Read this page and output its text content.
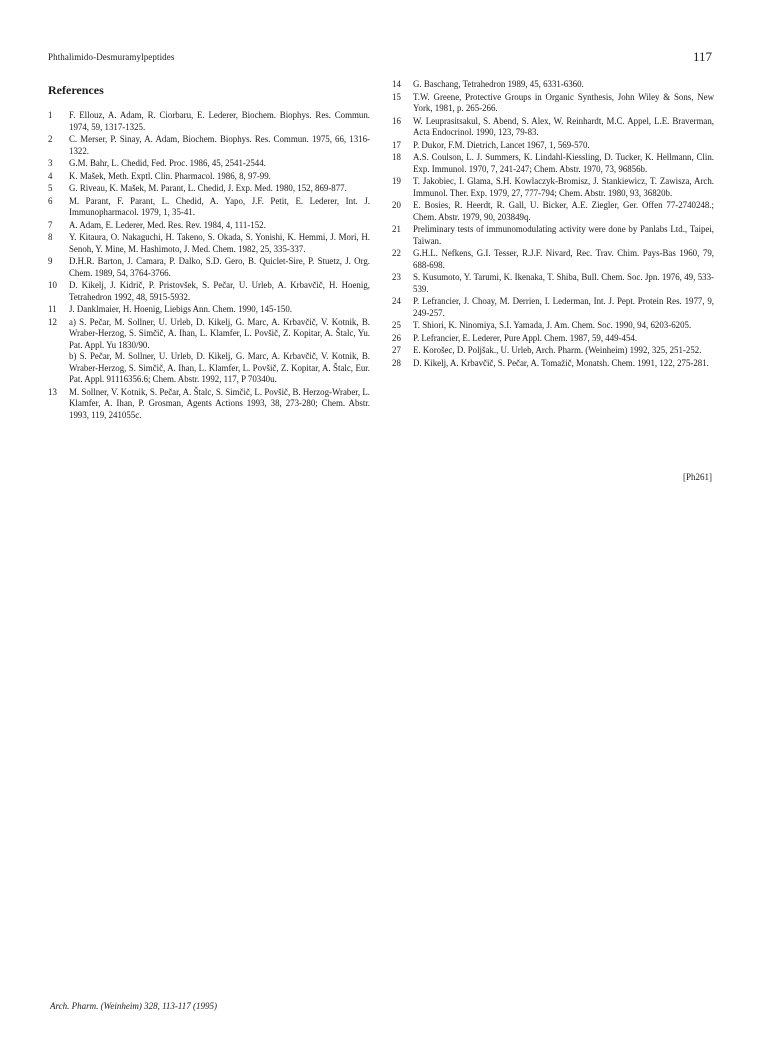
Phthalimido-Desmuramylpeptides	117
References
1	F. Ellouz, A. Adam, R. Ciorbaru, E. Lederer, Biochem. Biophys. Res. Commun. 1974, 59, 1317-1325.
2	C. Merser, P. Sinay, A. Adam, Biochem. Biophys. Res. Commun. 1975, 66, 1316-1322.
3	G.M. Bahr, L. Chedid, Fed. Proc. 1986, 45, 2541-2544.
4	K. Mašek, Meth. Exptl. Clin. Pharmacol. 1986, 8, 97-99.
5	G. Riveau, K. Mašek, M. Parant, L. Chedid, J. Exp. Med. 1980, 152, 869-877.
6	M. Parant, F. Parant, L. Chedid, A. Yapo, J.F. Petit, E. Lederer, Int. J. Immunopharmacol. 1979, 1, 35-41.
7	A. Adam, E. Lederer, Med. Res. Rev. 1984, 4, 111-152.
8	Y. Kitaura, O. Nakaguchi, H. Takeno, S. Okada, S. Yonishi, K. Hemmi, J. Mori, H. Senoh, Y. Mine, M. Hashimoto, J. Med. Chem. 1982, 25, 335-337.
9	D.H.R. Barton, J. Camara, P. Dalko, S.D. Gero, B. Quiclet-Sire, P. Stuetz, J. Org. Chem. 1989, 54, 3764-3766.
10	D. Kikelj, J. Kidrič, P. Pristovšek, S. Pečar, U. Urleb, A. Krbavčič, H. Hoenig, Tetrahedron 1992, 48, 5915-5932.
11	J. Danklmaier, H. Hoenig, Liebigs Ann. Chem. 1990, 145-150.
12	a) S. Pečar, M. Sollner, U. Urleb, D. Kikelj, G. Marc, A. Krbavčič, V. Kotnik, B. Wraber-Herzog, S. Simčič, A. Ihan, L. Klamfer, L. Povšič, Z. Kopitar, A. Štalc, Yu. Pat. Appl. Yu 1830/90.
b) S. Pečar, M. Sollner, U. Urleb, D. Kikelj, G. Marc, A. Krbavčič, V. Kotnik, B. Wraber-Herzog, S. Simčič, A. Ihan, L. Klamfer, L. Povšič, Z. Kopitar, A. Štalc, Eur. Pat. Appl. 91116356.6; Chem. Abstr. 1992, 117, P 70340u.
13	M. Sollner, V. Kotnik, S. Pečar, A. Štalc, S. Simčič, L. Povšič, B. Herzog-Wraber, L. Klamfer, A. Ihan, P. Grosman, Agents Actions 1993, 38, 273-280; Chem. Abstr. 1993, 119, 241055c.
14	G. Baschang, Tetrahedron 1989, 45, 6331-6360.
15	T.W. Greene, Protective Groups in Organic Synthesis, John Wiley & Sons, New York, 1981, p. 265-266.
16	W. Leuprasitsakul, S. Abend, S. Alex, W. Reinhardt, M.C. Appel, L.E. Braverman, Acta Endocrinol. 1990, 123, 79-83.
17	P. Dukor, F.M. Dietrich, Lancet 1967, 1, 569-570.
18	A.S. Coulson, L. J. Summers, K. Lindahl-Kiessling, D. Tucker, K. Hellmann, Clin. Exp. Immunol. 1970, 7, 241-247; Chem. Abstr. 1970, 73, 96856b.
19	T. Jakobiec, I. Glama, S.H. Kowlaczyk-Bromisz, J. Stankiewicz, T. Zawisza, Arch. Immunol. Ther. Exp. 1979, 27, 777-794; Chem. Abstr. 1980, 93, 36820b.
20	E. Bosies, R. Heerdt, R. Gall, U. Bicker, A.E. Ziegler, Ger. Offen 77-2740248.; Chem. Abstr. 1979, 90, 203849q.
21	Preliminary tests of immunomodulating activity were done by Panlabs Ltd., Taipei, Taiwan.
22	G.H.L. Nefkens, G.I. Tesser, R.J.F. Nivard, Rec. Trav. Chim. Pays-Bas 1960, 79, 688-698.
23	S. Kusumoto, Y. Tarumi, K. Ikenaka, T. Shiba, Bull. Chem. Soc. Jpn. 1976, 49, 533-539.
24	P. Lefrancier, J. Choay, M. Derrien, I. Lederman, Int. J. Pept. Protein Res. 1977, 9, 249-257.
25	T. Shiori, K. Ninomiya, S.I. Yamada, J. Am. Chem. Soc. 1990, 94, 6203-6205.
26	P. Lefrancier, E. Lederer, Pure Appl. Chem. 1987, 59, 449-454.
27	E. Korošec, D. Poljšak., U. Urleb, Arch. Pharm. (Weinheim) 1992, 325, 251-252.
28	D. Kikelj, A. Krbavčič, S. Pečar, A. Tomažič, Monatsh. Chem. 1991, 122, 275-281.
[Ph261]
Arch. Pharm. (Weinheim) 328, 113-117 (1995)
